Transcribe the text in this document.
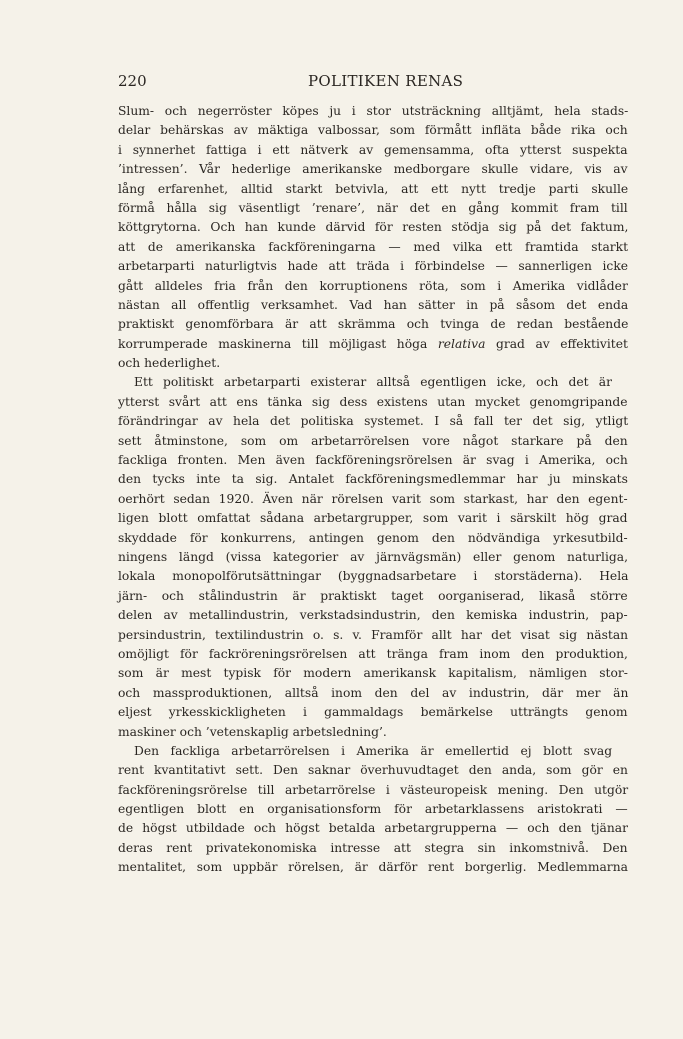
220	POLITIKEN RENAS
Slum- och negerröster köpes ju i stor utsträckning alltjämt, hela stads-
delar behärskas av mäktiga valbossar, som förmått infläta både rika och
i synnerhet fattiga i ett nätverk av gemensamma, ofta ytterst suspekta
’intressen’. Vår hederlige amerikanske medborgare skulle vidare, vis av
lång erfarenhet, alltid starkt betvivla, att ett nytt tredje parti skulle
förmå hålla sig väsentligt ’renare’, när det en gång kommit fram till
köttgrytorna. Och han kunde därvid för resten stödja sig på det faktum,
att de amerikanska fackföreningarna — med vilka ett framtida starkt
arbetarparti naturligtvis hade att träda i förbindelse — sannerligen icke
gått alldeles fria från den korruptionens röta, som i Amerika vidlåder
nästan all offentlig verksamhet. Vad han sätter in på såsom det enda
praktiskt genomförbara är att skrämma och tvinga de redan bestående
korrumperade maskinerna till möjligast höga relativa grad av effektivitet
och hederlighet.
Ett politiskt arbetarparti existerar alltså egentligen icke, och det är
ytterst svårt att ens tänka sig dess existens utan mycket genomgripande
förändringar av hela det politiska systemet. I så fall ter det sig, ytligt
sett åtminstone, som om arbetarrörelsen vore något starkare på den
fackliga fronten. Men även fackföreningsrörelsen är svag i Amerika, och
den tycks inte ta sig. Antalet fackföreningsmedlemmar har ju minskats
oerhört sedan 1920. Även när rörelsen varit som starkast, har den egent-
ligen blott omfattat sådana arbetargrupper, som varit i särskilt hög grad
skyddade för konkurrens, antingen genom den nödvändiga yrkesutbild-
ningens längd (vissa kategorier av järnvägsmän) eller genom naturliga,
lokala monopolförutsättningar (byggnadsarbetare i storstäderna). Hela
järn- och stålindustrin är praktiskt taget oorganiserad, likaså större
delen av metallindustrin, verkstadsindustrin, den kemiska industrin, pap-
persindustrin, textilindustrin o. s. v. Framför allt har det visat sig nästan
omöjligt för fackröreningsrörelsen att tränga fram inom den produktion,
som är mest typisk för modern amerikansk kapitalism, nämligen stor-
och massproduktionen, alltså inom den del av industrin, där mer än
eljest yrkesskickligheten i gammaldags bemärkelse utträngts genom
maskiner och ’vetenskaplig arbetsledning’.
Den fackliga arbetarrörelsen i Amerika är emellertid ej blott svag
rent kvantitativt sett. Den saknar överhuvudtaget den anda, som gör en
fackföreningsrörelse till arbetarrörelse i västeuropeisk mening. Den utgör
egentligen blott en organisationsform för arbetarklassens aristokrati —
de högst utbildade och högst betalda arbetargrupperna — och den tjänar
deras rent privatekonomiska intresse att stegra sin inkomstnivå. Den
mentalitet, som uppbär rörelsen, är därför rent borgerlig. Medlemmarna
